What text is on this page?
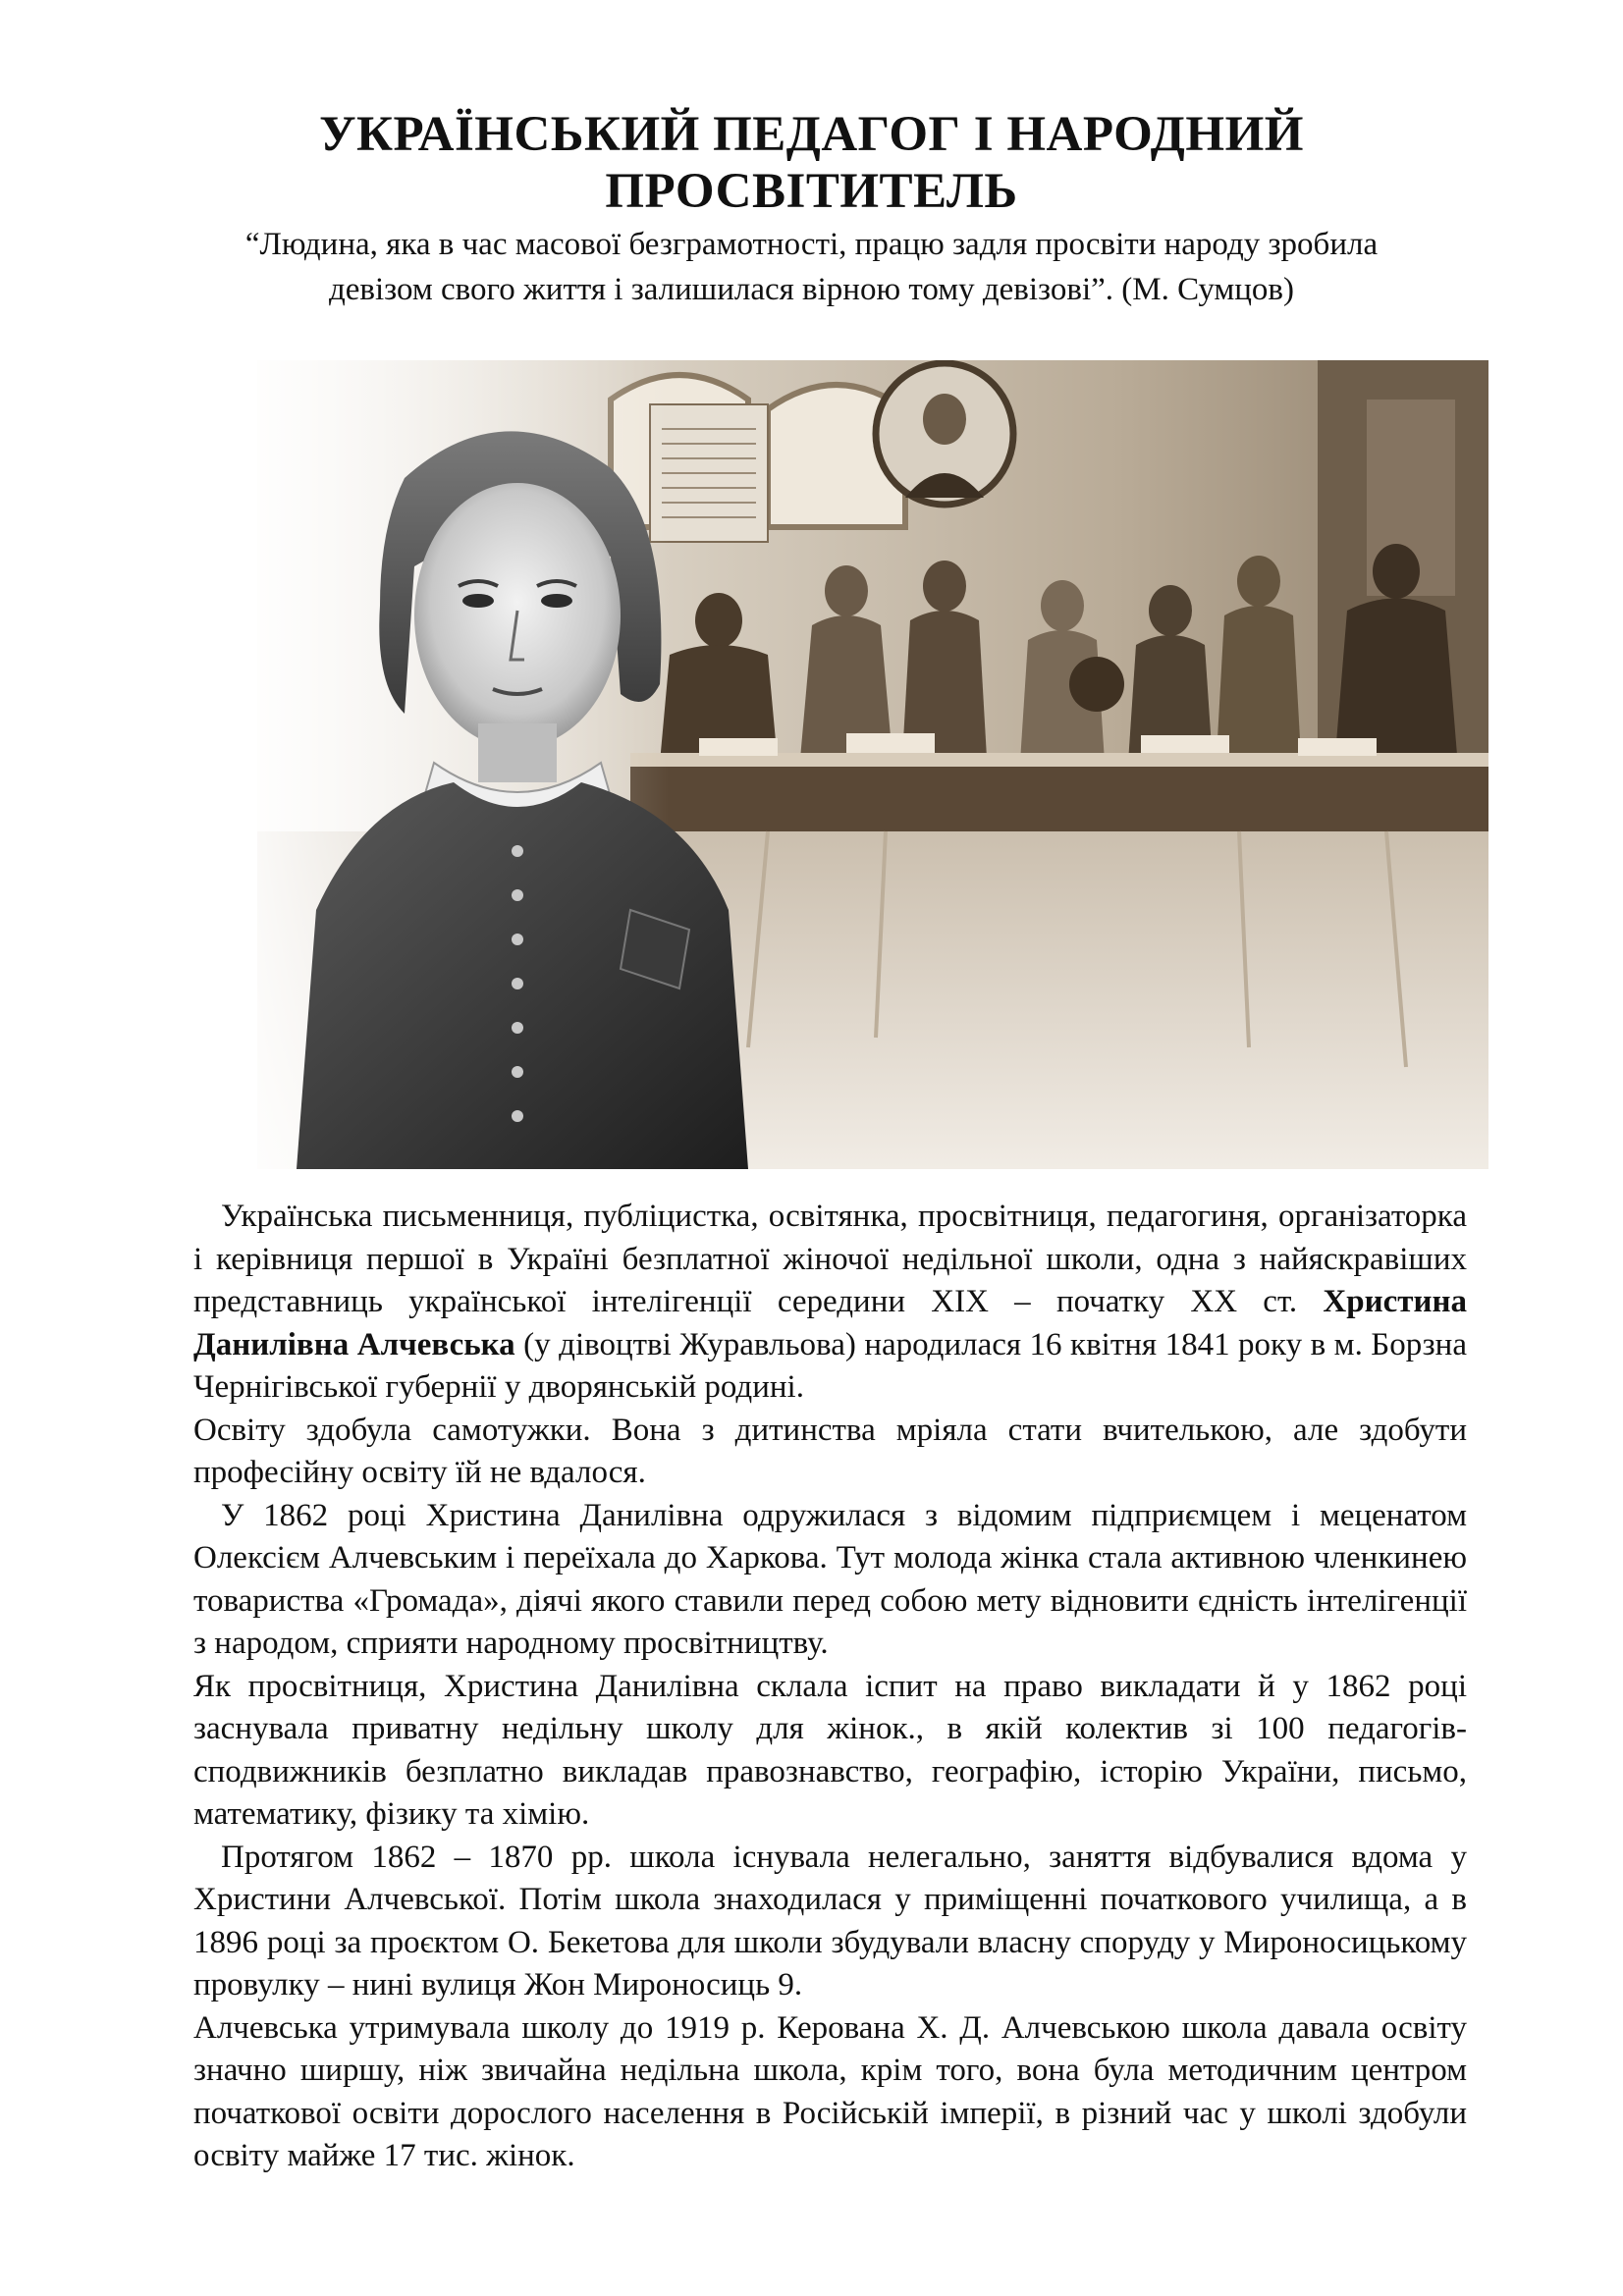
УКРАЇНСЬКИЙ ПЕДАГОГ І НАРОДНИЙ
ПРОСВІТИТЕЛЬ

“Людина, яка в час масової безграмотності, працю задля просвіти народу зробила
девізом свого життя і залишилася вірною тому девізові”. (М. Сумцов)

Українська письменниця, публіцистка, освітянка, просвітниця, педагогиня, організаторка і керівниця першої в Україні безплатної жіночої недільної школи, одна з найяскравіших представниць української інтелігенції середини XIX – початку XX ст. Христина Данилівна Алчевська (у дівоцтві Журавльова) народилася 16 квітня 1841 року в м. Борзна Чернігівської губернії у дворянській родині.

Освіту здобула самотужки. Вона з дитинства мріяла стати вчителькою, але здобути професійну освіту їй не вдалося.

У 1862 році Христина Данилівна одружилася з відомим підприємцем і меценатом Олексієм Алчевським і переїхала до Харкова. Тут молода жінка стала активною членкинею товариства «Громада», діячі якого ставили перед собою мету відновити єдність інтелігенції з народом, сприяти народному просвітництву.

Як просвітниця, Христина Данилівна склала іспит на право викладати й у 1862 році заснувала приватну недільну школу для жінок., в якій колектив зі 100 педагогів-сподвижників безплатно викладав правознавство, географію, історію України, письмо, математику, фізику та хімію.

Протягом 1862 – 1870 рр. школа існувала нелегально, заняття відбувалися вдома у Христини Алчевської. Потім школа знаходилася у приміщенні початкового училища, а в 1896 році за проєктом О. Бекетова для школи збудували власну споруду у Мироносицькому провулку – нині вулиця Жон Мироносиць 9.

Алчевська утримувала школу до 1919 р. Керована Х. Д. Алчевською школа давала освіту значно ширшу, ніж звичайна недільна школа, крім того, вона була методичним центром початкової освіти дорослого населення в Російській імперії, в різний час у школі здобули освіту майже 17 тис. жінок.
